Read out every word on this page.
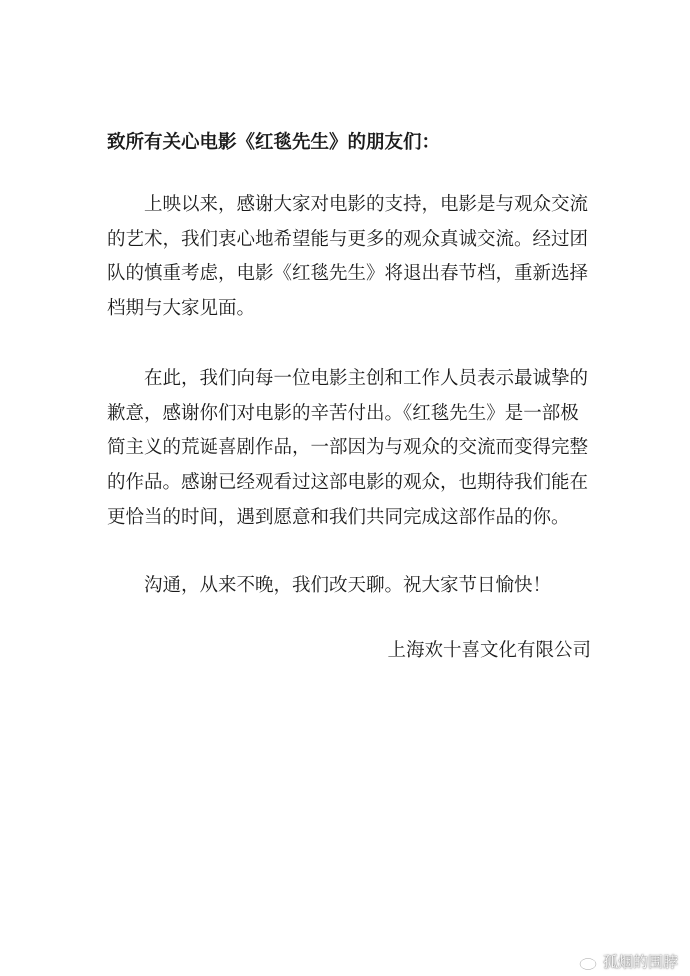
致所有关心电影《红毯先生》的朋友们：

上映以来，感谢大家对电影的支持，电影是与观众交流
的艺术，我们衷心地希望能与更多的观众真诚交流。经过团
队的慎重考虑，电影《红毯先生》将退出春节档，重新选择
档期与大家见面。

在此，我们向每一位电影主创和工作人员表示最诚挚的
歉意，感谢你们对电影的辛苦付出。《红毯先生》是一部极
简主义的荒诞喜剧作品，一部因为与观众的交流而变得完整
的作品。感谢已经观看过这部电影的观众，也期待我们能在
更恰当的时间，遇到愿意和我们共同完成这部作品的你。

沟通，从来不晚，我们改天聊。祝大家节日愉快！

上海欢十喜文化有限公司
孤烟的围脖
